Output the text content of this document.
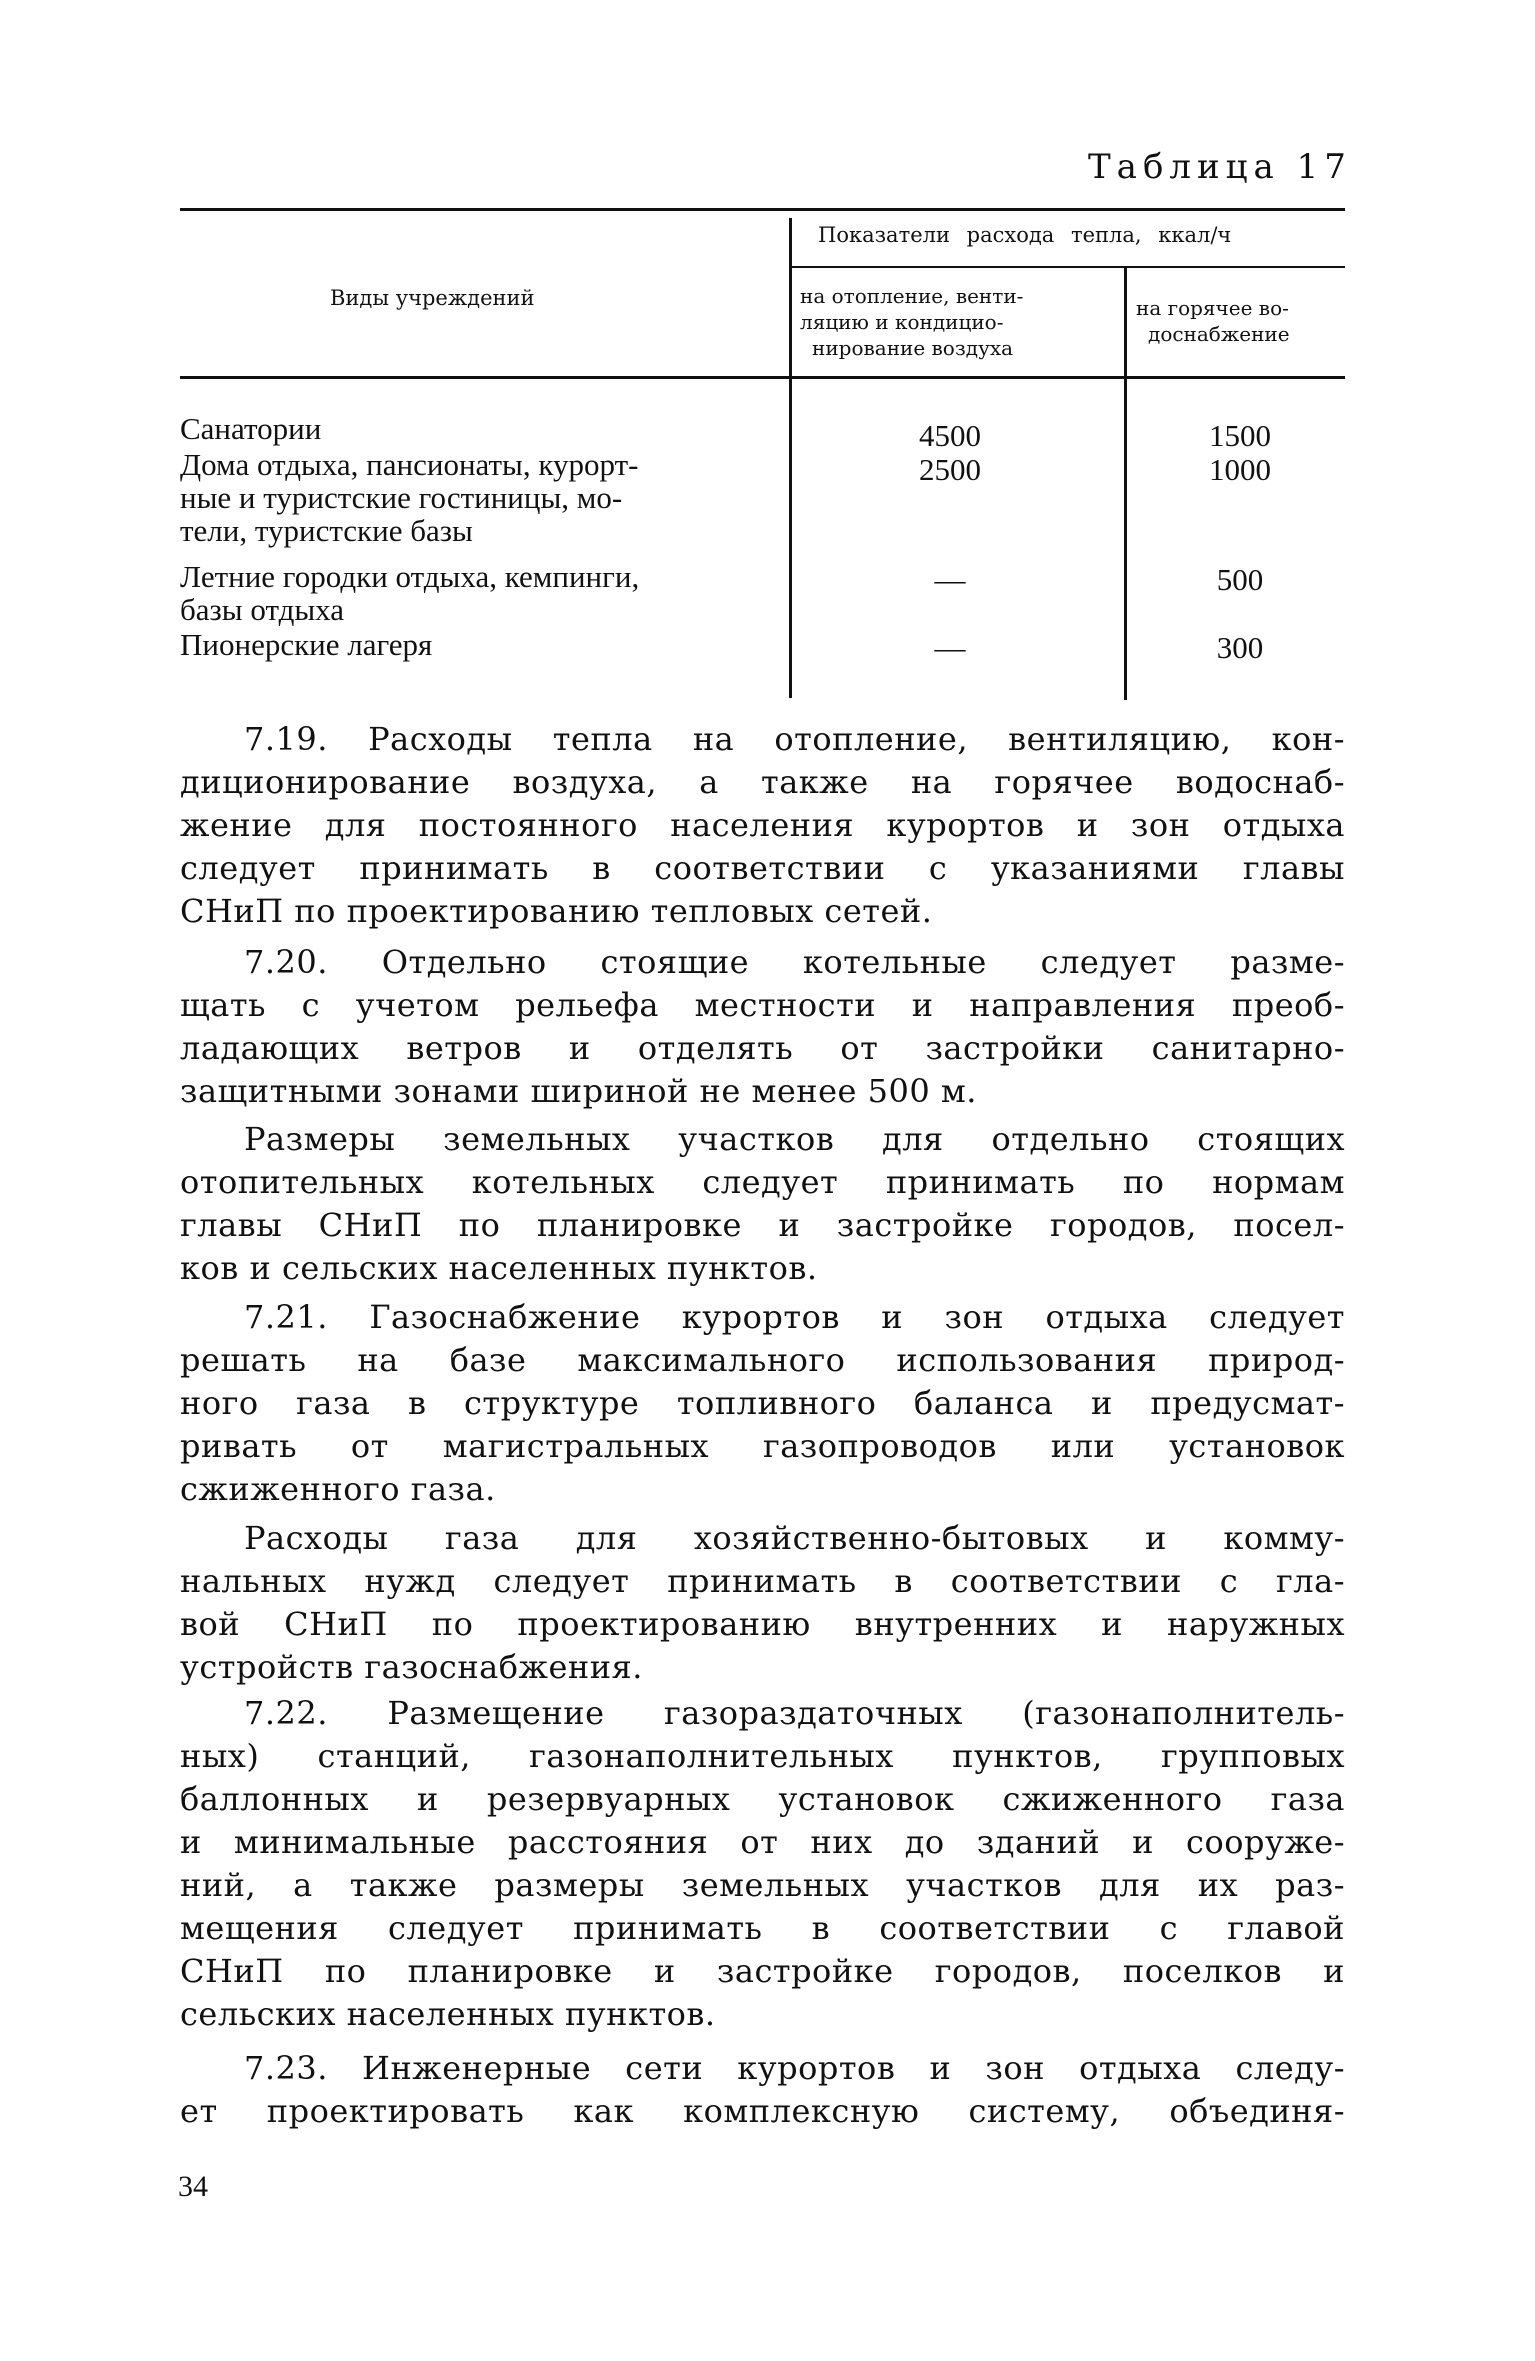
Таблица 17
Виды учреждений
Показатели расхода тепла, ккал/ч
на отопление, венти-
ляцию и кондицио-
нирование воздуха
на горячее во-
доснабжение
Санатории	4500	1500
Дома отдыха, пансионаты, курорт-
ные и туристские гостиницы, мо-
тели, туристские базы
2500	1000
Летние городки отдыха, кемпинги,
базы отдыха
—	500
Пионерские лагеря	—	300
7.19. Расходы тепла на отопление, вентиляцию, кон-
диционирование воздуха, а также на горячее водоснаб-
жение для постоянного населения курортов и зон отдыха
следует принимать в соответствии с указаниями главы
СНиП по проектированию тепловых сетей.
7.20. Отдельно стоящие котельные следует разме-
щать с учетом рельефа местности и направления преоб-
ладающих ветров и отделять от застройки санитарно-
защитными зонами шириной не менее 500 м.
Размеры земельных участков для отдельно стоящих
отопительных котельных следует принимать по нормам
главы СНиП по планировке и застройке городов, посел-
ков и сельских населенных пунктов.
7.21. Газоснабжение курортов и зон отдыха следует
решать на базе максимального использования природ-
ного газа в структуре топливного баланса и предусмат-
ривать от магистральных газопроводов или установок
сжиженного газа.
Расходы газа для хозяйственно-бытовых и комму-
нальных нужд следует принимать в соответствии с гла-
вой СНиП по проектированию внутренних и наружных
устройств газоснабжения.
7.22. Размещение газораздаточных (газонаполнитель-
ных) станций, газонаполнительных пунктов, групповых
баллонных и резервуарных установок сжиженного газа
и минимальные расстояния от них до зданий и сооруже-
ний, а также размеры земельных участков для их раз-
мещения следует принимать в соответствии с главой
СНиП по планировке и застройке городов, поселков и
сельских населенных пунктов.
7.23. Инженерные сети курортов и зон отдыха следу-
ет проектировать как комплексную систему, объединя-
34
